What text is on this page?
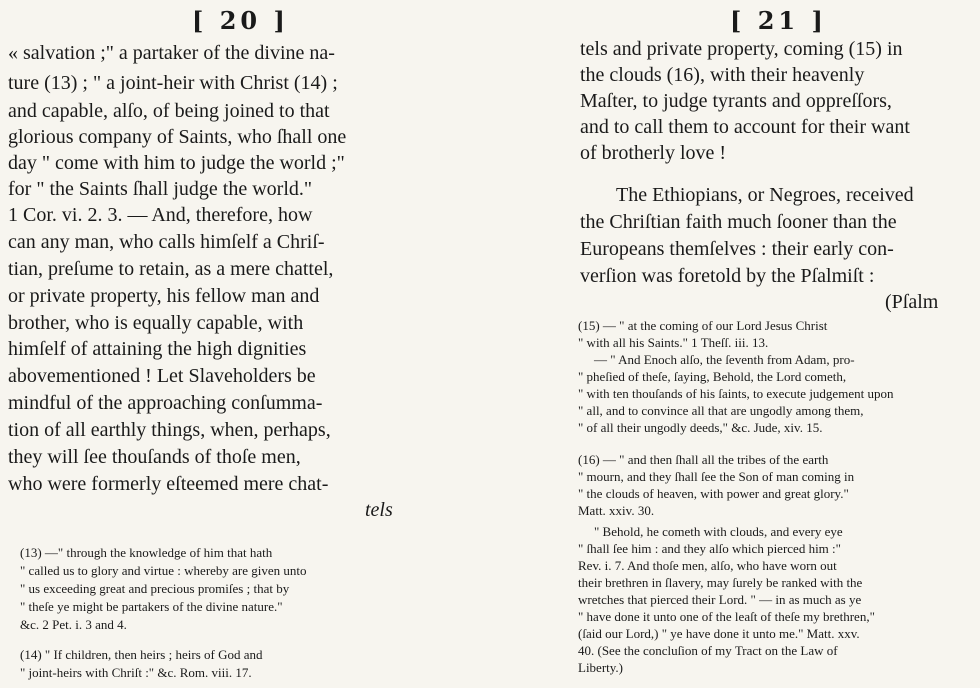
[ 20 ]
« salvation ;" a partaker of the divine na-
ture (13) ; " a joint-heir with Christ (14) ;
and capable, alſo, of being joined to that
glorious company of Saints, who ſhall one
day " come with him to judge the world ;"
for " the Saints ſhall judge the world."
1 Cor. vi. 2. 3. — And, therefore, how
can any man, who calls himſelf a Chriſ-
tian, preſume to retain, as a mere chattel,
or private property, his fellow man and
brother, who is equally capable, with
himſelf of attaining the high dignities
abovementioned ! Let Slaveholders be
mindful of the approaching conſumma-
tion of all earthly things, when, perhaps,
they will ſee thouſands of thoſe men,
who were formerly eſteemed mere chat-
tels
(13) —" through the knowledge of him that hath
" called us to glory and virtue : whereby are given unto
" us exceeding great and precious promiſes ; that by
" theſe ye might be partakers of the divine nature."
&c. 2 Pet. i. 3 and 4.
(14) " If children, then heirs ; heirs of God and
" joint-heirs with Chriſt :" &c. Rom. viii. 17.
[ 21 ]
tels and private property, coming (15) in
the clouds (16), with their heavenly
Maſter, to judge tyrants and oppreſſors,
and to call them to account for their want
of brotherly love !
The Ethiopians, or Negroes, received
the Chriſtian faith much ſooner than the
Europeans themſelves : their early con-
verſion was foretold by the Pſalmiſt :
(Pſalm
(15) — " at the coming of our Lord Jesus Christ
" with all his Saints." 1 Theſſ. iii. 13.
— " And Enoch alſo, the ſeventh from Adam, pro-
" pheſied of theſe, ſaying, Behold, the Lord cometh,
" with ten thouſands of his ſaints, to execute judgement upon
" all, and to convince all that are ungodly among them,
" of all their ungodly deeds," &c. Jude, xiv. 15.
(16) — " and then ſhall all the tribes of the earth
" mourn, and they ſhall ſee the Son of man coming in
" the clouds of heaven, with power and great glory."
Matt. xxiv. 30.
" Behold, he cometh with clouds, and every eye
" ſhall ſee him : and they alſo which pierced him :"
Rev. i. 7. And thoſe men, alſo, who have worn out
their brethren in ſlavery, may ſurely be ranked with the
wretches that pierced their Lord. " — in as much as ye
" have done it unto one of the leaſt of theſe my brethren,"
(ſaid our Lord,) " ye have done it unto me." Matt. xxv.
40. (See the concluſion of my Tract on the Law of
Liberty.)
